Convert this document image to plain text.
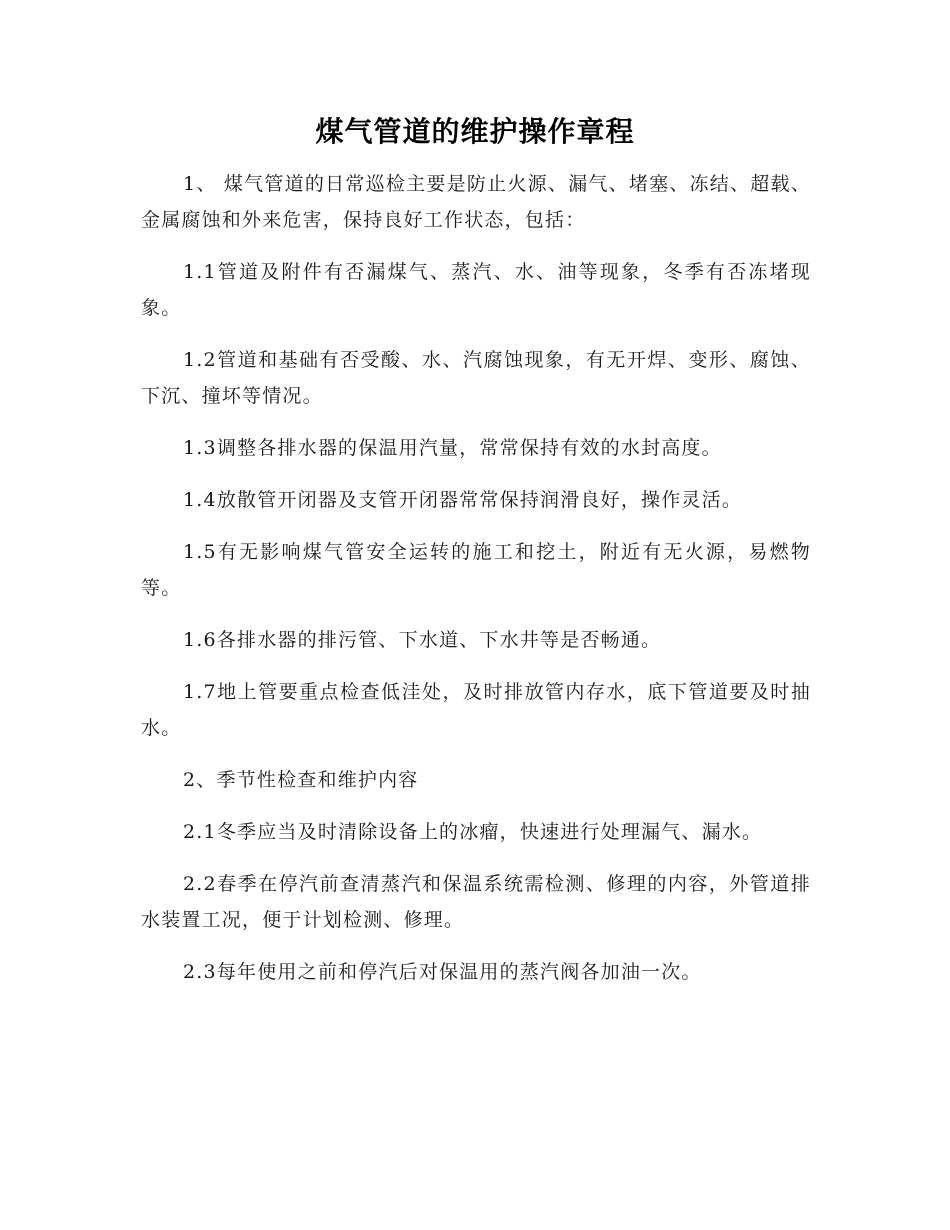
煤气管道的维护操作章程

1、 煤气管道的日常巡检主要是防止火源、漏气、堵塞、冻结、超载、金属腐蚀和外来危害，保持良好工作状态，包括：

1.1管道及附件有否漏煤气、蒸汽、水、油等现象，冬季有否冻堵现象。

1.2管道和基础有否受酸、水、汽腐蚀现象，有无开焊、变形、腐蚀、下沉、撞坏等情况。

1.3调整各排水器的保温用汽量，常常保持有效的水封高度。

1.4放散管开闭器及支管开闭器常常保持润滑良好，操作灵活。

1.5有无影响煤气管安全运转的施工和挖土，附近有无火源，易燃物等。

1.6各排水器的排污管、下水道、下水井等是否畅通。

1.7地上管要重点检查低洼处，及时排放管内存水，底下管道要及时抽水。

2、季节性检查和维护内容

2.1冬季应当及时清除设备上的冰瘤，快速进行处理漏气、漏水。

2.2春季在停汽前查清蒸汽和保温系统需检测、修理的内容，外管道排水装置工况，便于计划检测、修理。

2.3每年使用之前和停汽后对保温用的蒸汽阀各加油一次。
